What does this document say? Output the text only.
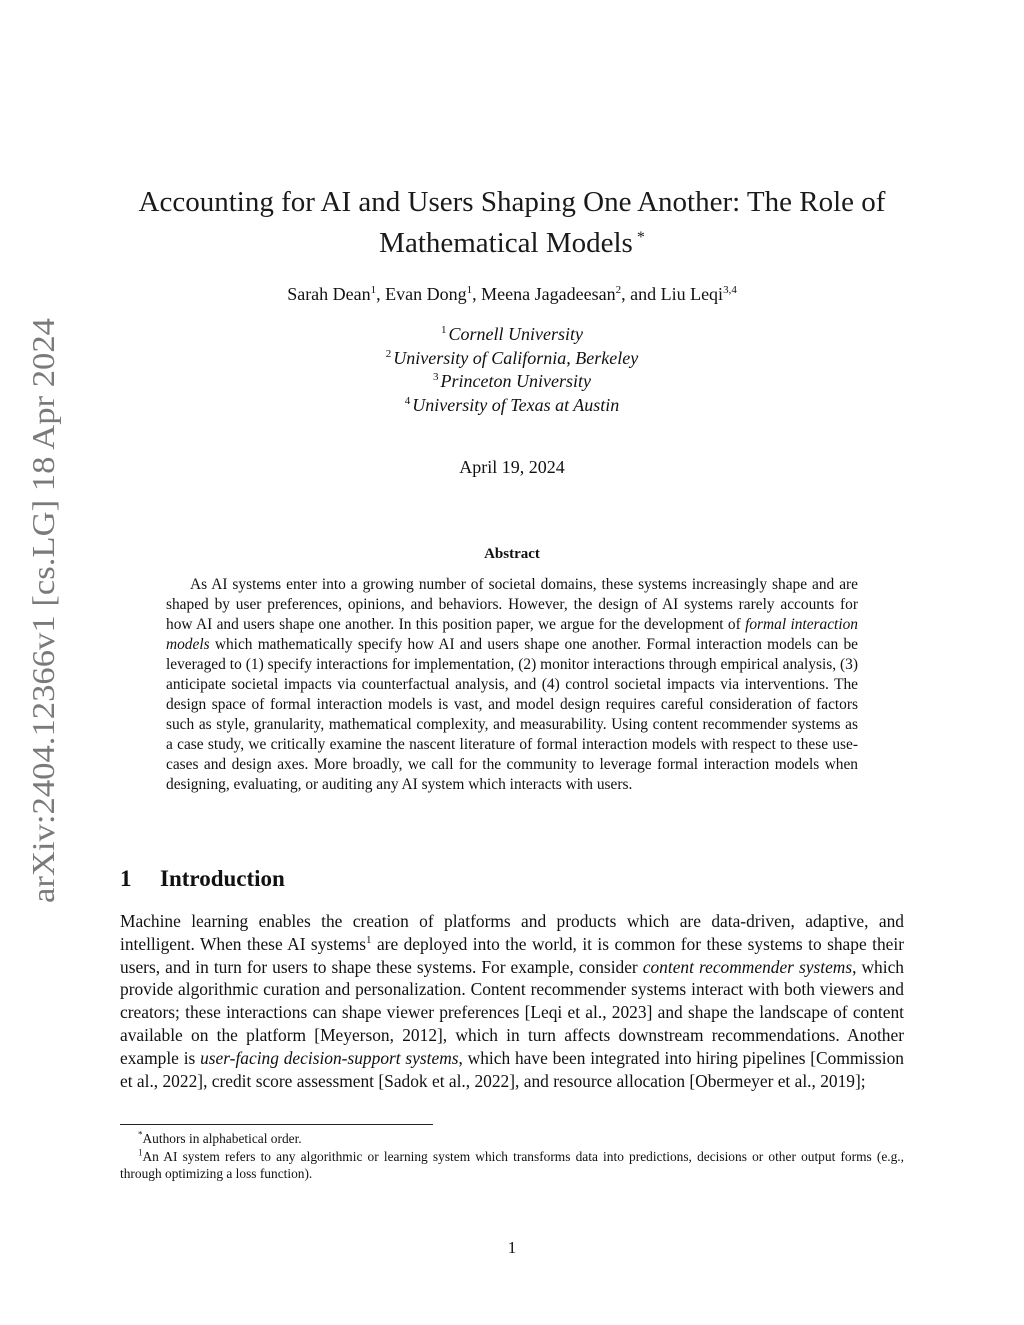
arXiv:2404.12366v1 [cs.LG] 18 Apr 2024
Accounting for AI and Users Shaping One Another: The Role of
Mathematical Models *
Sarah Dean$^1$, Evan Dong$^1$, Meena Jagadeesan$^2$, and Liu Leqi$^{3,4}$
$^1$ Cornell University
$^2$ University of California, Berkeley
$^3$ Princeton University
$^4$ University of Texas at Austin
April 19, 2024
Abstract

As AI systems enter into a growing number of societal domains, these systems increasingly shape and are shaped by user preferences, opinions, and behaviors. However, the design of AI systems rarely accounts for how AI and users shape one another. In this position paper, we argue for the development of formal interaction models which mathematically specify how AI and users shape one another. Formal interaction models can be leveraged to (1) specify interactions for implementation, (2) monitor interactions through empirical analysis, (3) anticipate societal impacts via counterfactual analysis, and (4) control societal impacts via interventions. The design space of formal interaction models is vast, and model design requires careful consideration of factors such as style, granularity, mathematical complexity, and measurability. Using content recommender systems as a case study, we critically examine the nascent literature of formal interaction models with respect to these use-cases and design axes. More broadly, we call for the community to leverage formal interaction models when designing, evaluating, or auditing any AI system which interacts with users.

1 Introduction

Machine learning enables the creation of platforms and products which are data-driven, adaptive, and intelligent. When these AI systems$^1$ are deployed into the world, it is common for these systems to shape their users, and in turn for users to shape these systems. For example, consider content recommender systems, which provide algorithmic curation and personalization. Content recommender systems interact with both viewers and creators; these interactions can shape viewer preferences [Leqi et al., 2023] and shape the landscape of content available on the platform [Meyerson, 2012], which in turn affects downstream recommendations. Another example is user-facing decision-support systems, which have been integrated into hiring pipelines [Commission et al., 2022], credit score assessment [Sadok et al., 2022], and resource allocation [Obermeyer et al., 2019];

*Authors in alphabetical order.

$^1$An AI system refers to any algorithmic or learning system which transforms data into predictions, decisions or other output forms (e.g., through optimizing a loss function).

1
